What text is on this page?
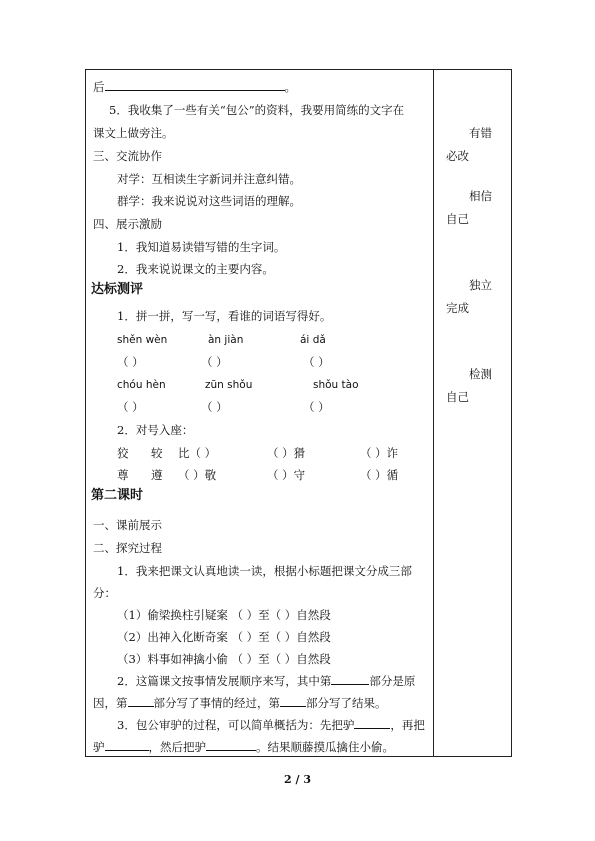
后	。
5．我收集了一些有关“包公”的资料，我要用简练的文字在
课文上做旁注。
三、交流协作
对学：互相读生字新词并注意纠错。
群学：我来说说对这些词语的理解。
四、展示激励
1．我知道易读错写错的生字词。
2．我来说说课文的主要内容。
达标测评
1．拼一拼，写一写，看谁的词语写得好。
shěn wèn	àn jiàn	ái dǎ
（ ）	（ ）	（ ）
chóu hèn	zūn shǒu	shǒu tào
（ ）	（ ）	（ ）
2．对号入座：
狡 较 比（ ）	（ ）猾	（ ）诈
尊 遵 （ ）敬	（ ）守	（ ）循
第二课时
一、课前展示
二、探究过程
1．我来把课文认真地读一读，根据小标题把课文分成三部
分：
（1）偷梁换柱引疑案 （ ）至（ ）自然段
（2）出神入化断奇案 （ ）至（ ）自然段
（3）料事如神擒小偷 （ ）至（ ）自然段
2．这篇课文按事情发展顺序来写，其中第	部分是原
因，第 部分写了事情的经过，第 部分写了结果。
3．包公审驴的过程，可以简单概括为：先把驴	，再把
驴	，然后把驴	。结果顺藤摸瓜擒住小偷。
有错
必改
相信
自己
独立
完成
检测
自己
2 / 3
